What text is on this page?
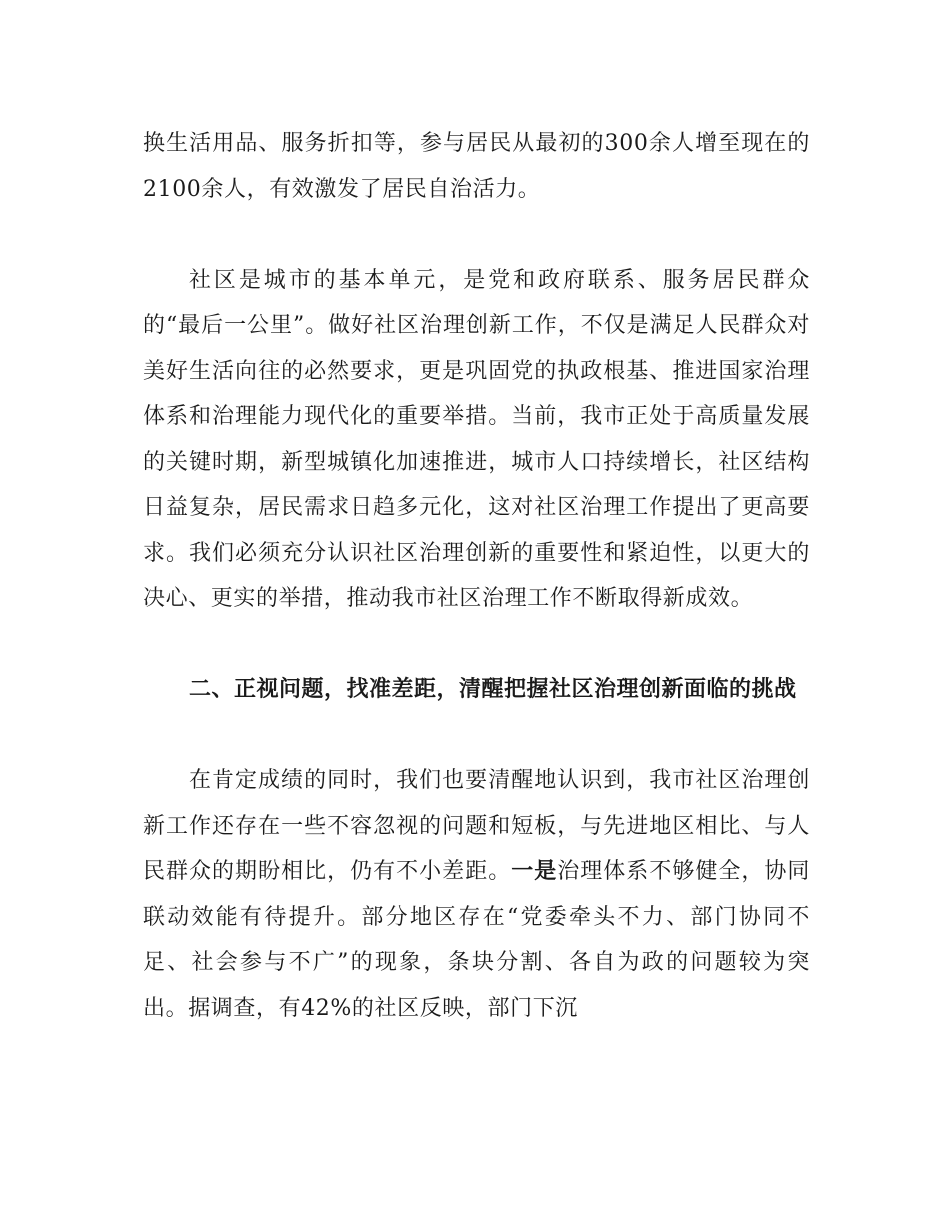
换生活用品、服务折扣等，参与居民从最初的300余人增至现在的2100余人，有效激发了居民自治活力。

社区是城市的基本单元，是党和政府联系、服务居民群众的“最后一公里”。做好社区治理创新工作，不仅是满足人民群众对美好生活向往的必然要求，更是巩固党的执政根基、推进国家治理体系和治理能力现代化的重要举措。当前，我市正处于高质量发展的关键时期，新型城镇化加速推进，城市人口持续增长，社区结构日益复杂，居民需求日趋多元化，这对社区治理工作提出了更高要求。我们必须充分认识社区治理创新的重要性和紧迫性，以更大的决心、更实的举措，推动我市社区治理工作不断取得新成效。

二、正视问题，找准差距，清醒把握社区治理创新面临的挑战

在肯定成绩的同时，我们也要清醒地认识到，我市社区治理创新工作还存在一些不容忽视的问题和短板，与先进地区相比、与人民群众的期盼相比，仍有不小差距。一是治理体系不够健全，协同联动效能有待提升。部分地区存在“党委牵头不力、部门协同不足、社会参与不广”的现象，条块分割、各自为政的问题较为突出。据调查，有42%的社区反映，部门下沉
